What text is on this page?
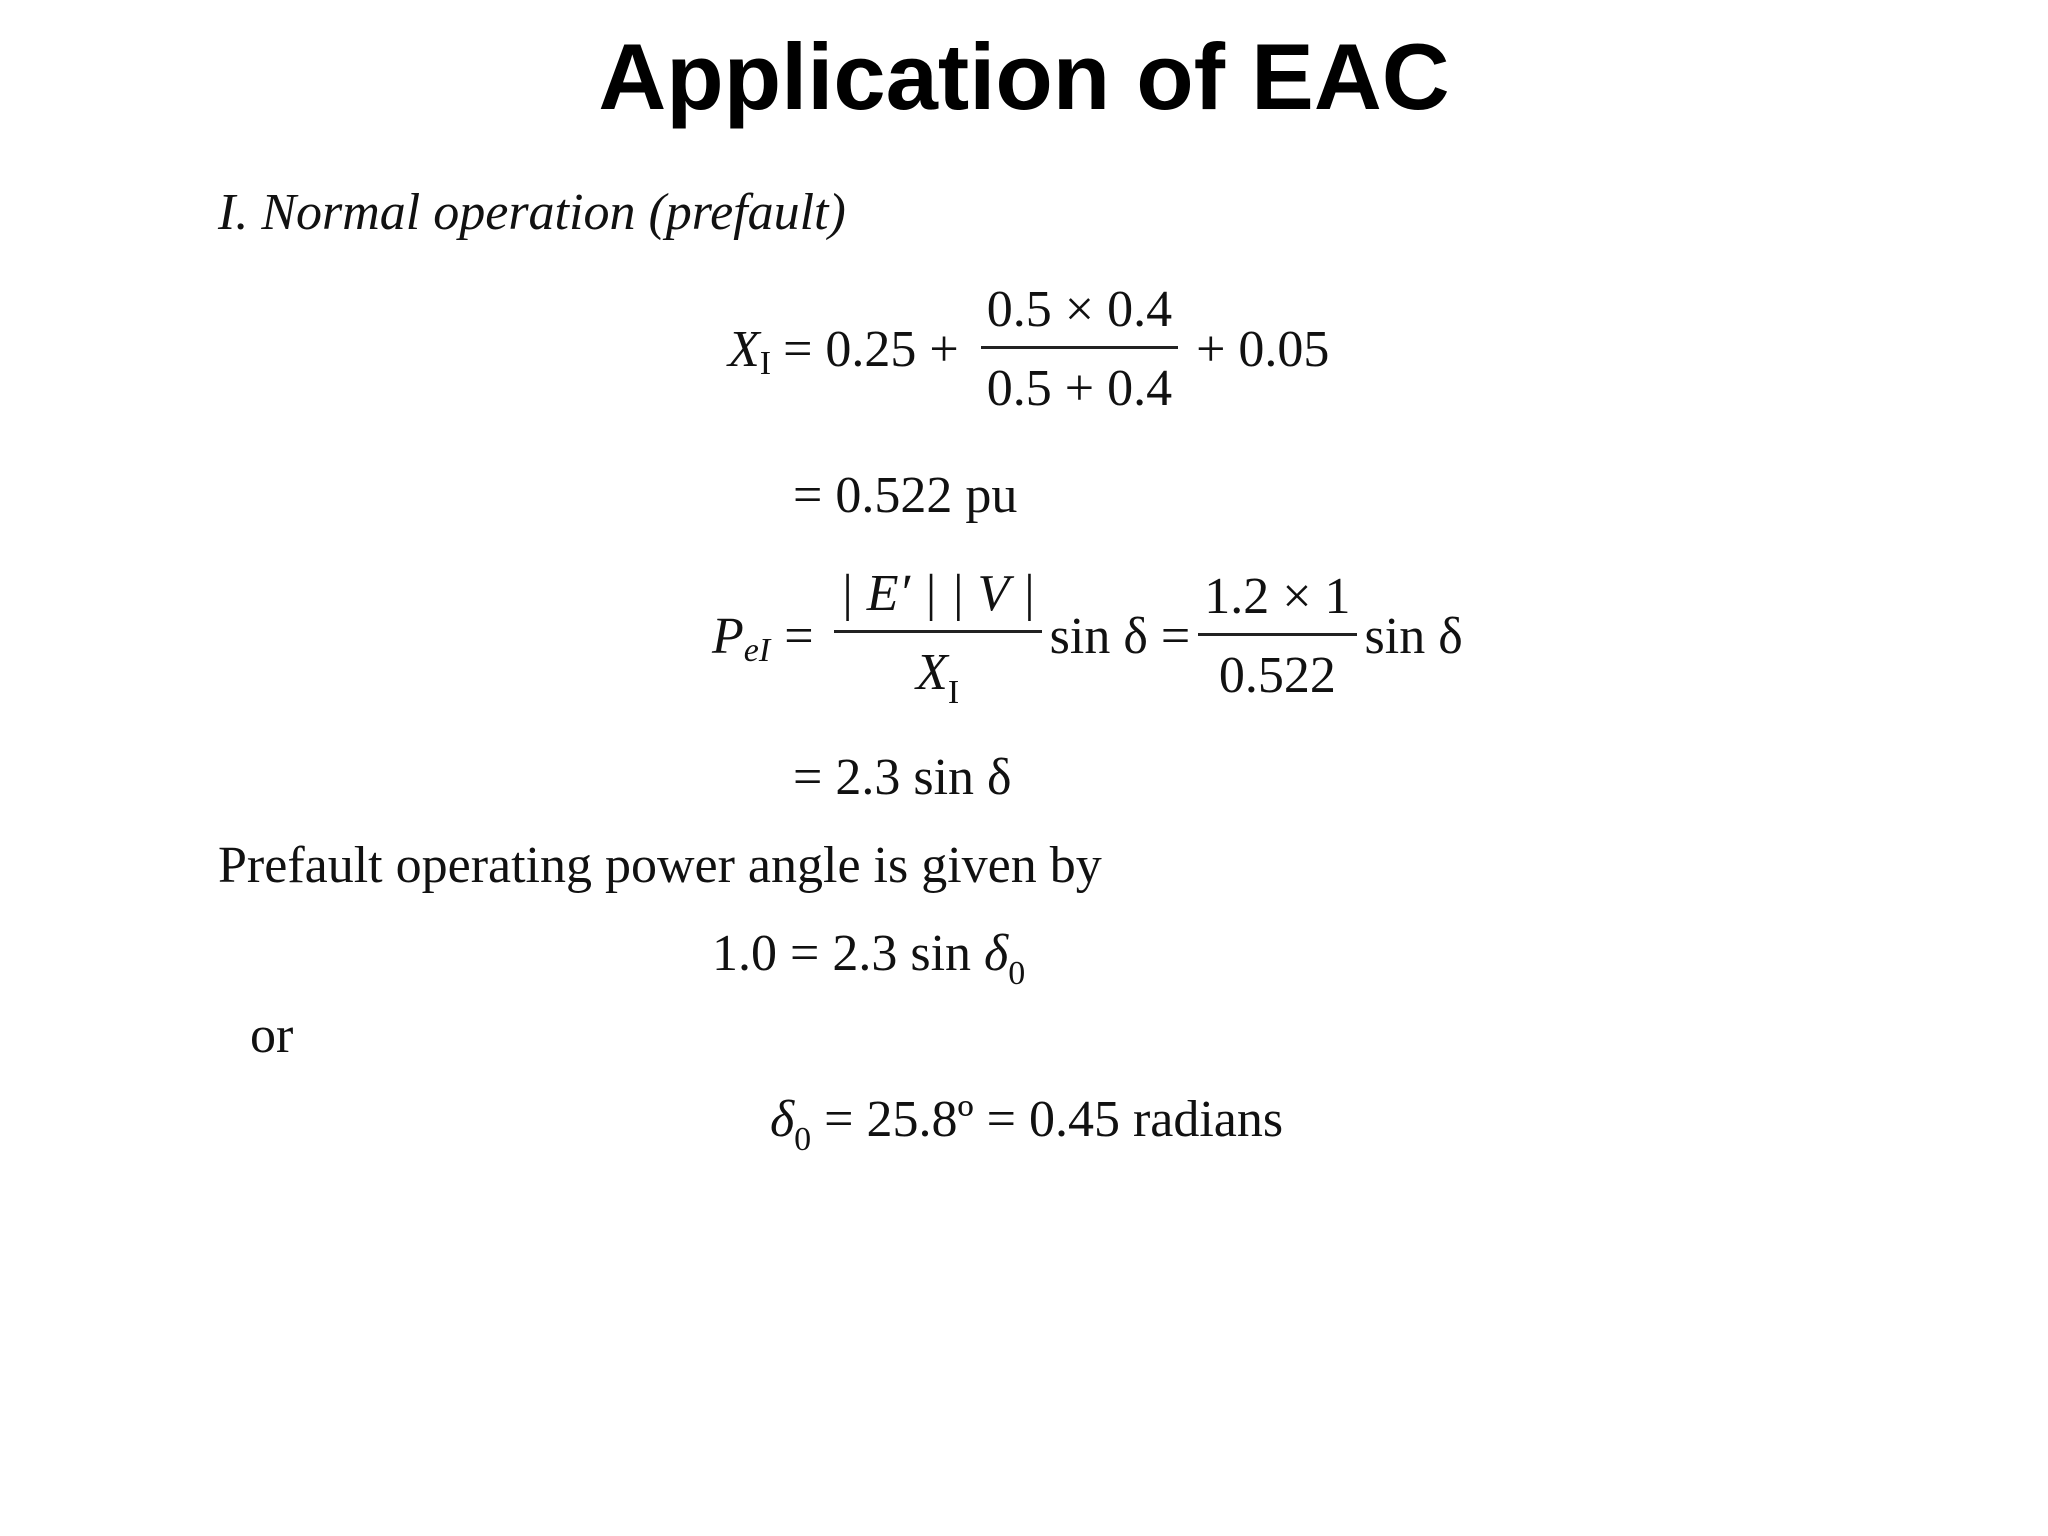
Application of EAC
I. Normal operation (prefault)
X $I = 0.25 + \frac{0.5 \times 0.4}{0.5 + 0.4} + 0.05$
= 0.522 pu
P eI = $\frac{| E' | | V |}{X_I}$ $\sin \delta = \frac{1.2 \times 1}{0.522}$ sin δ
= 2.3 sin δ
Prefault operating power angle is given by
1.0 = 2.3 $\sin \delta_0$
or
$\delta_0$ = 25.8º = 0.45 radians
